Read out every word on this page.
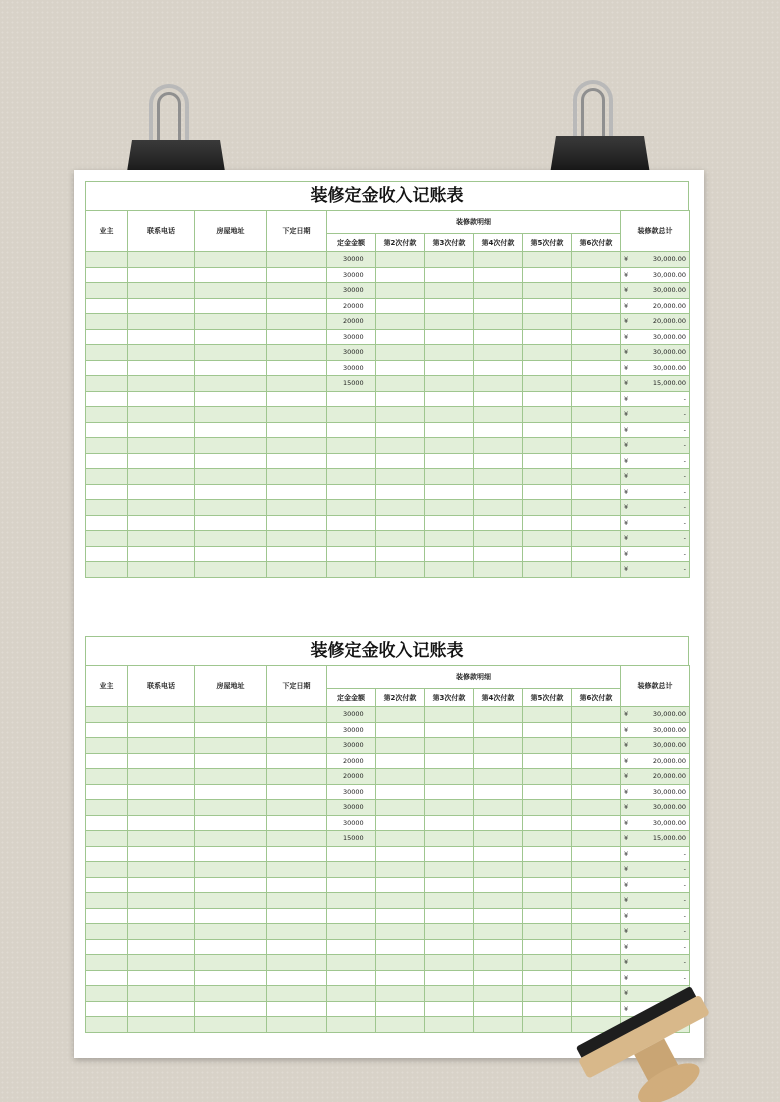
装修定金收入记账表
业主	联系电话	房屋地址	下定日期	装修款明细						装修款总计
				定金金额	第2次付款	第3次付款	第4次付款	第5次付款	第6次付款	
				30000						¥ 30,000.00

				30000						¥ 30,000.00

				30000						¥ 30,000.00

				20000						¥ 20,000.00

				20000						¥ 20,000.00

				30000						¥ 30,000.00

				30000						¥ 30,000.00

				30000						¥ 30,000.00

				15000						¥ 15,000.00

										¥ -

										¥ -

										¥ -

										¥ -

										¥ -

										¥ -

										¥ -

										¥ -

										¥ -

										¥ -

										¥ -

										¥ -
装修定金收入记账表
业主	联系电话	房屋地址	下定日期	装修款明细						装修款总计
				定金金额	第2次付款	第3次付款	第4次付款	第5次付款	第6次付款	
				30000						¥ 30,000.00

				30000						¥ 30,000.00

				30000						¥ 30,000.00

				20000						¥ 20,000.00

				20000						¥ 20,000.00

				30000						¥ 30,000.00

				30000						¥ 30,000.00

				30000						¥ 30,000.00

				15000						¥ 15,000.00

										¥ -

										¥ -

										¥ -

										¥ -

										¥ -

										¥ -

										¥ -

										¥ -

										¥ -

										¥

										¥
